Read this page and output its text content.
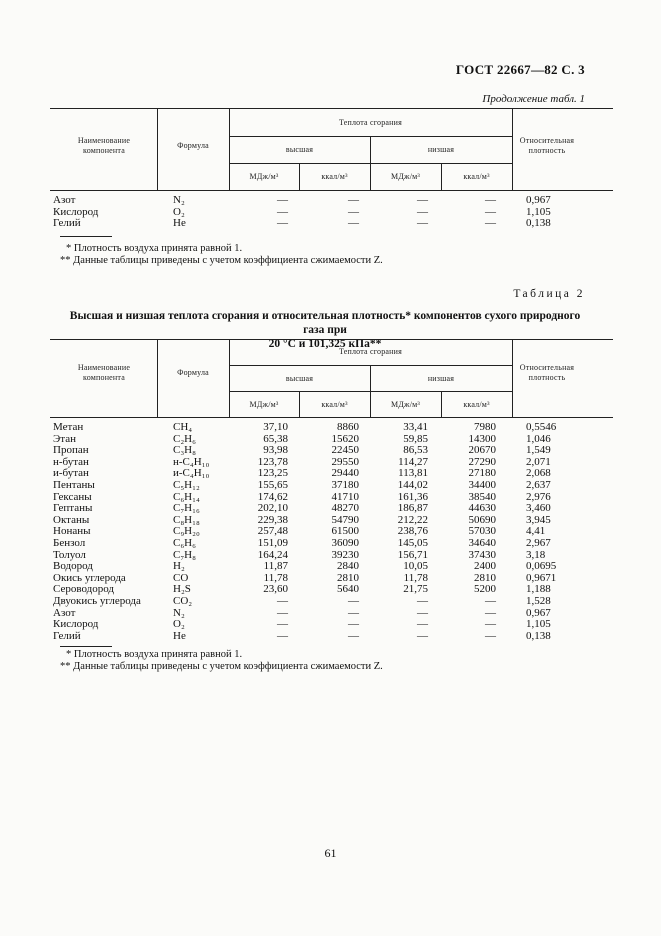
ГОСТ 22667—82 С. 3
Продолжение табл. 1
Наименование компонента
Формула
Теплота сгорания
высшая	низшая
МДж/м³	ккал/м³	МДж/м³	ккал/м³
Относительная плотность
Азот	N₂	—	—	—	—	0,967
Кислород	O₂	—	—	—	—	1,105
Гелий	He	—	—	—	—	0,138
* Плотность воздуха принята равной 1.
** Данные таблицы приведены с учетом коэффициента сжимаемости Z.
Таблица 2
Высшая и низшая теплота сгорания и относительная плотность* компонентов сухого природного газа при
20 °С и 101,325 кПа**
Наименование компонента
Формула
Теплота сгорания
высшая	низшая
МДж/м³	ккал/м³	МДж/м³	ккал/м³
Относительная плотность
Метан	CH₄	37,10	8860	33,41	7980	0,5546
Этан	C₂H₆	65,38	15620	59,85	14300	1,046
Пропан	C₃H₈	93,98	22450	86,53	20670	1,549
н-бутан	н-C₄H₁₀	123,78	29550	114,27	27290	2,071
и-бутан	и-C₄H₁₀	123,25	29440	113,81	27180	2,068
Пентаны	C₅H₁₂	155,65	37180	144,02	34400	2,637
Гексаны	C₆H₁₄	174,62	41710	161,36	38540	2,976
Гептаны	C₇H₁₆	202,10	48270	186,87	44630	3,460
Октаны	C₈H₁₈	229,38	54790	212,22	50690	3,945
Нонаны	C₉H₂₀	257,48	61500	238,76	57030	4,41
Бензол	C₆H₆	151,09	36090	145,05	34640	2,967
Толуол	C₇H₈	164,24	39230	156,71	37430	3,18
Водород	H₂	11,87	2840	10,05	2400	0,0695
Окись углерода	CO	11,78	2810	11,78	2810	0,9671
Сероводород	H₂S	23,60	5640	21,75	5200	1,188
Двуокись углерода	CO₂	—	—	—	—	1,528
Азот	N₂	—	—	—	—	0,967
Кислород	O₂	—	—	—	—	1,105
Гелий	He	—	—	—	—	0,138
* Плотность воздуха принята равной 1.
** Данные таблицы приведены с учетом коэффициента сжимаемости Z.
61
